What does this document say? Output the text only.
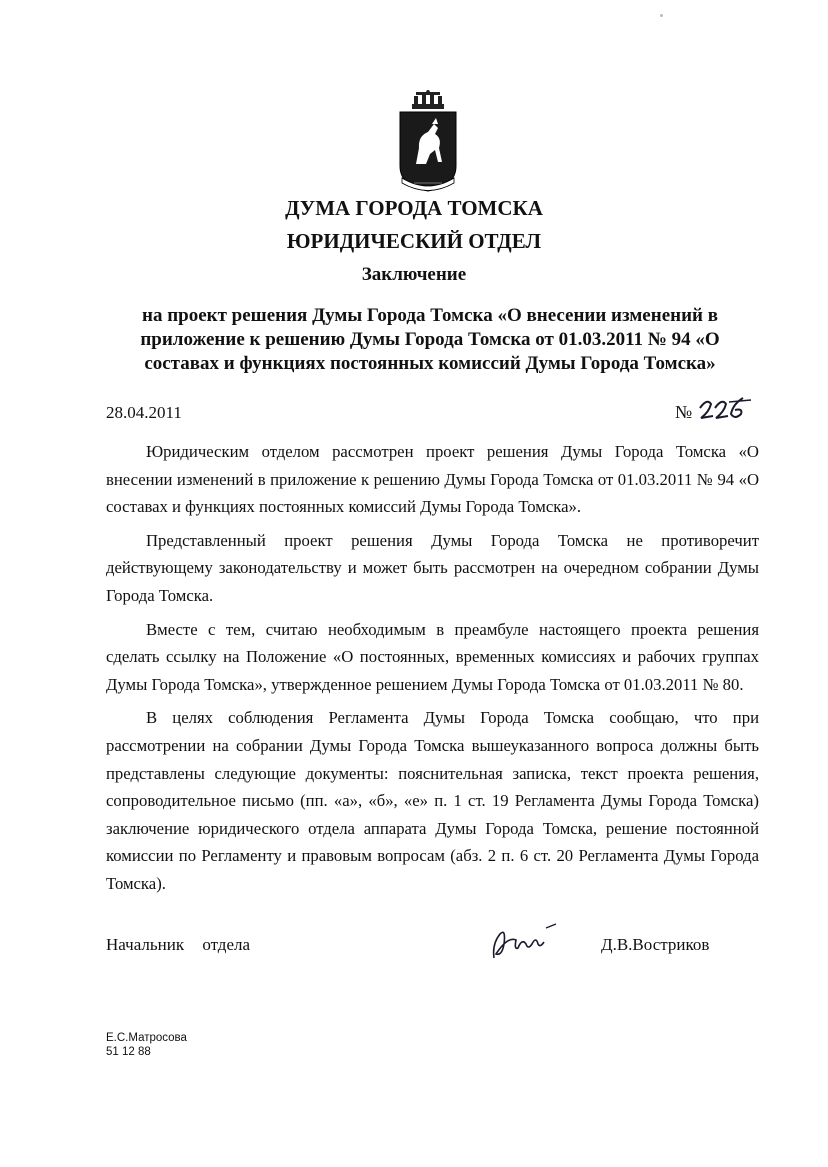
ДУМА ГОРОДА ТОМСКА
ЮРИДИЧЕСКИЙ ОТДЕЛ
Заключение
на проект решения Думы Города Томска «О внесении изменений в приложение к решению Думы Города Томска от 01.03.2011 № 94 «О составах и функциях постоянных комиссий Думы Города Томска»
28.04.2011	№

Юридическим отделом рассмотрен проект решения Думы Города Томска «О внесении изменений в приложение к решению Думы Города Томска от 01.03.2011 № 94 «О составах и функциях постоянных комиссий Думы Города Томска».

Представленный проект решения Думы Города Томска не противоречит действующему законодательству и может быть рассмотрен на очередном собрании Думы Города Томска.

Вместе с тем, считаю необходимым в преамбуле настоящего проекта решения сделать ссылку на Положение «О постоянных, временных комиссиях и рабочих группах Думы Города Томска», утвержденное решением Думы Города Томска от 01.03.2011 № 80.

В целях соблюдения Регламента Думы Города Томска сообщаю, что при рассмотрении на собрании Думы Города Томска вышеуказанного вопроса должны быть представлены следующие документы: пояснительная записка, текст проекта решения, сопроводительное письмо (пп. «а», «б», «е» п. 1 ст. 19 Регламента Думы Города Томска) заключение юридического отдела аппарата Думы Города Томска, решение постоянной комиссии по Регламенту и правовым вопросам (абз. 2 п. 6 ст. 20 Регламента Думы Города Томска).

Начальник отдела	Д.В.Востриков
Е.С.Матросова
51 12 88
